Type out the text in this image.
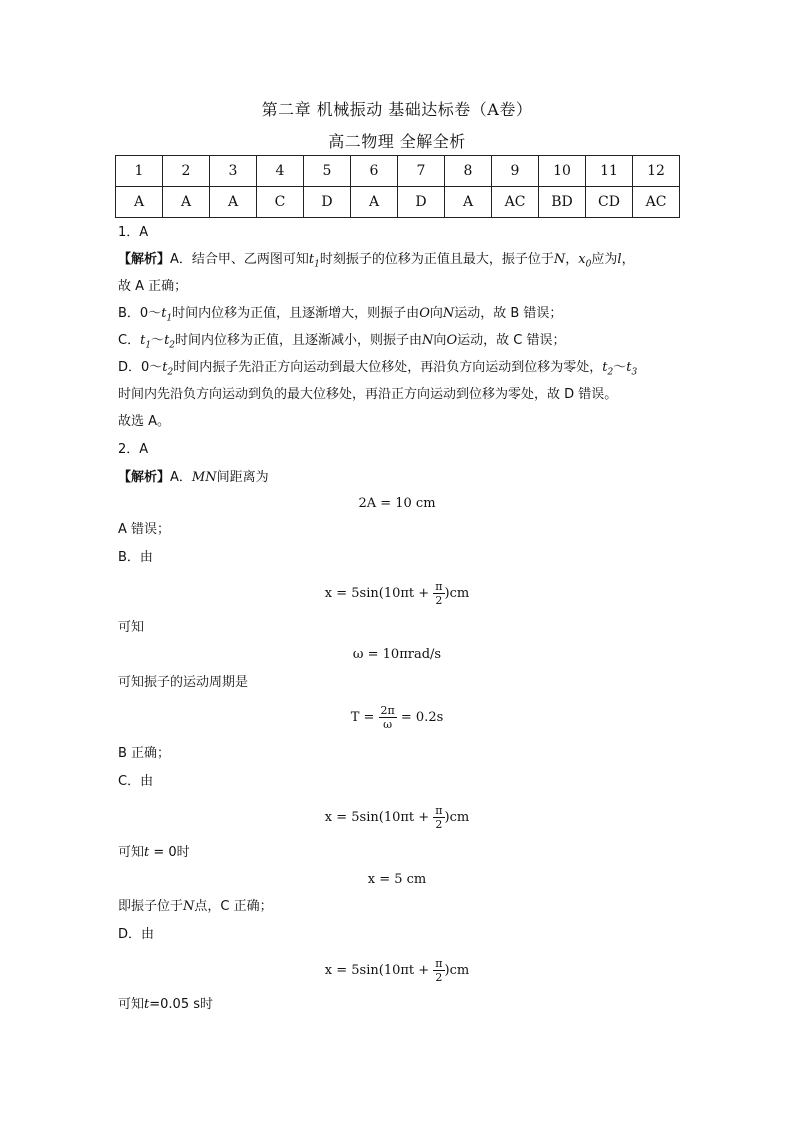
第二章 机械振动 基础达标卷（A卷）
高二物理 全解全析
1	2	3	4	5	6	7	8	9	10	11	12
A	A	A	C	D	A	D	A	AC	BD	CD	AC
1．A
【解析】A．结合甲、乙两图可知$t_1$时刻振子的位移为正值且最大，振子位于N，$x_0$应为l，
故 A 正确；
B．$0\sim t_1$时间内位移为正值，且逐渐增大，则振子由O向N运动，故 B 错误；
C．$t_1\sim t_2$时间内位移为正值，且逐渐减小，则振子由N向O运动，故 C 错误；
D．$0\sim t_2$时间内振子先沿正方向运动到最大位移处，再沿负方向运动到位移为零处，$t_2\sim t_3$
时间内先沿负方向运动到负的最大位移处，再沿正方向运动到位移为零处，故 D 错误。
故选 A。
2．A
【解析】A．MN间距离为
2A = 10 cm
A 错误；
B．由
$x = 5\sin(10\pi t + \frac{\pi}{2} )cm$
可知
ω = 10πrad/s
可知振子的运动周期是
$T = \frac{2\pi}{\omega} = 0.2s$
B 正确；
C．由
$x = 5\sin(10\pi t + \frac{\pi}{2} )cm$
可知t = 0时
x = 5 cm
即振子位于N点，C 正确；
D．由
$x = 5\sin(10\pi t + \frac{\pi}{2} )cm$
可知t=0.05 s时
